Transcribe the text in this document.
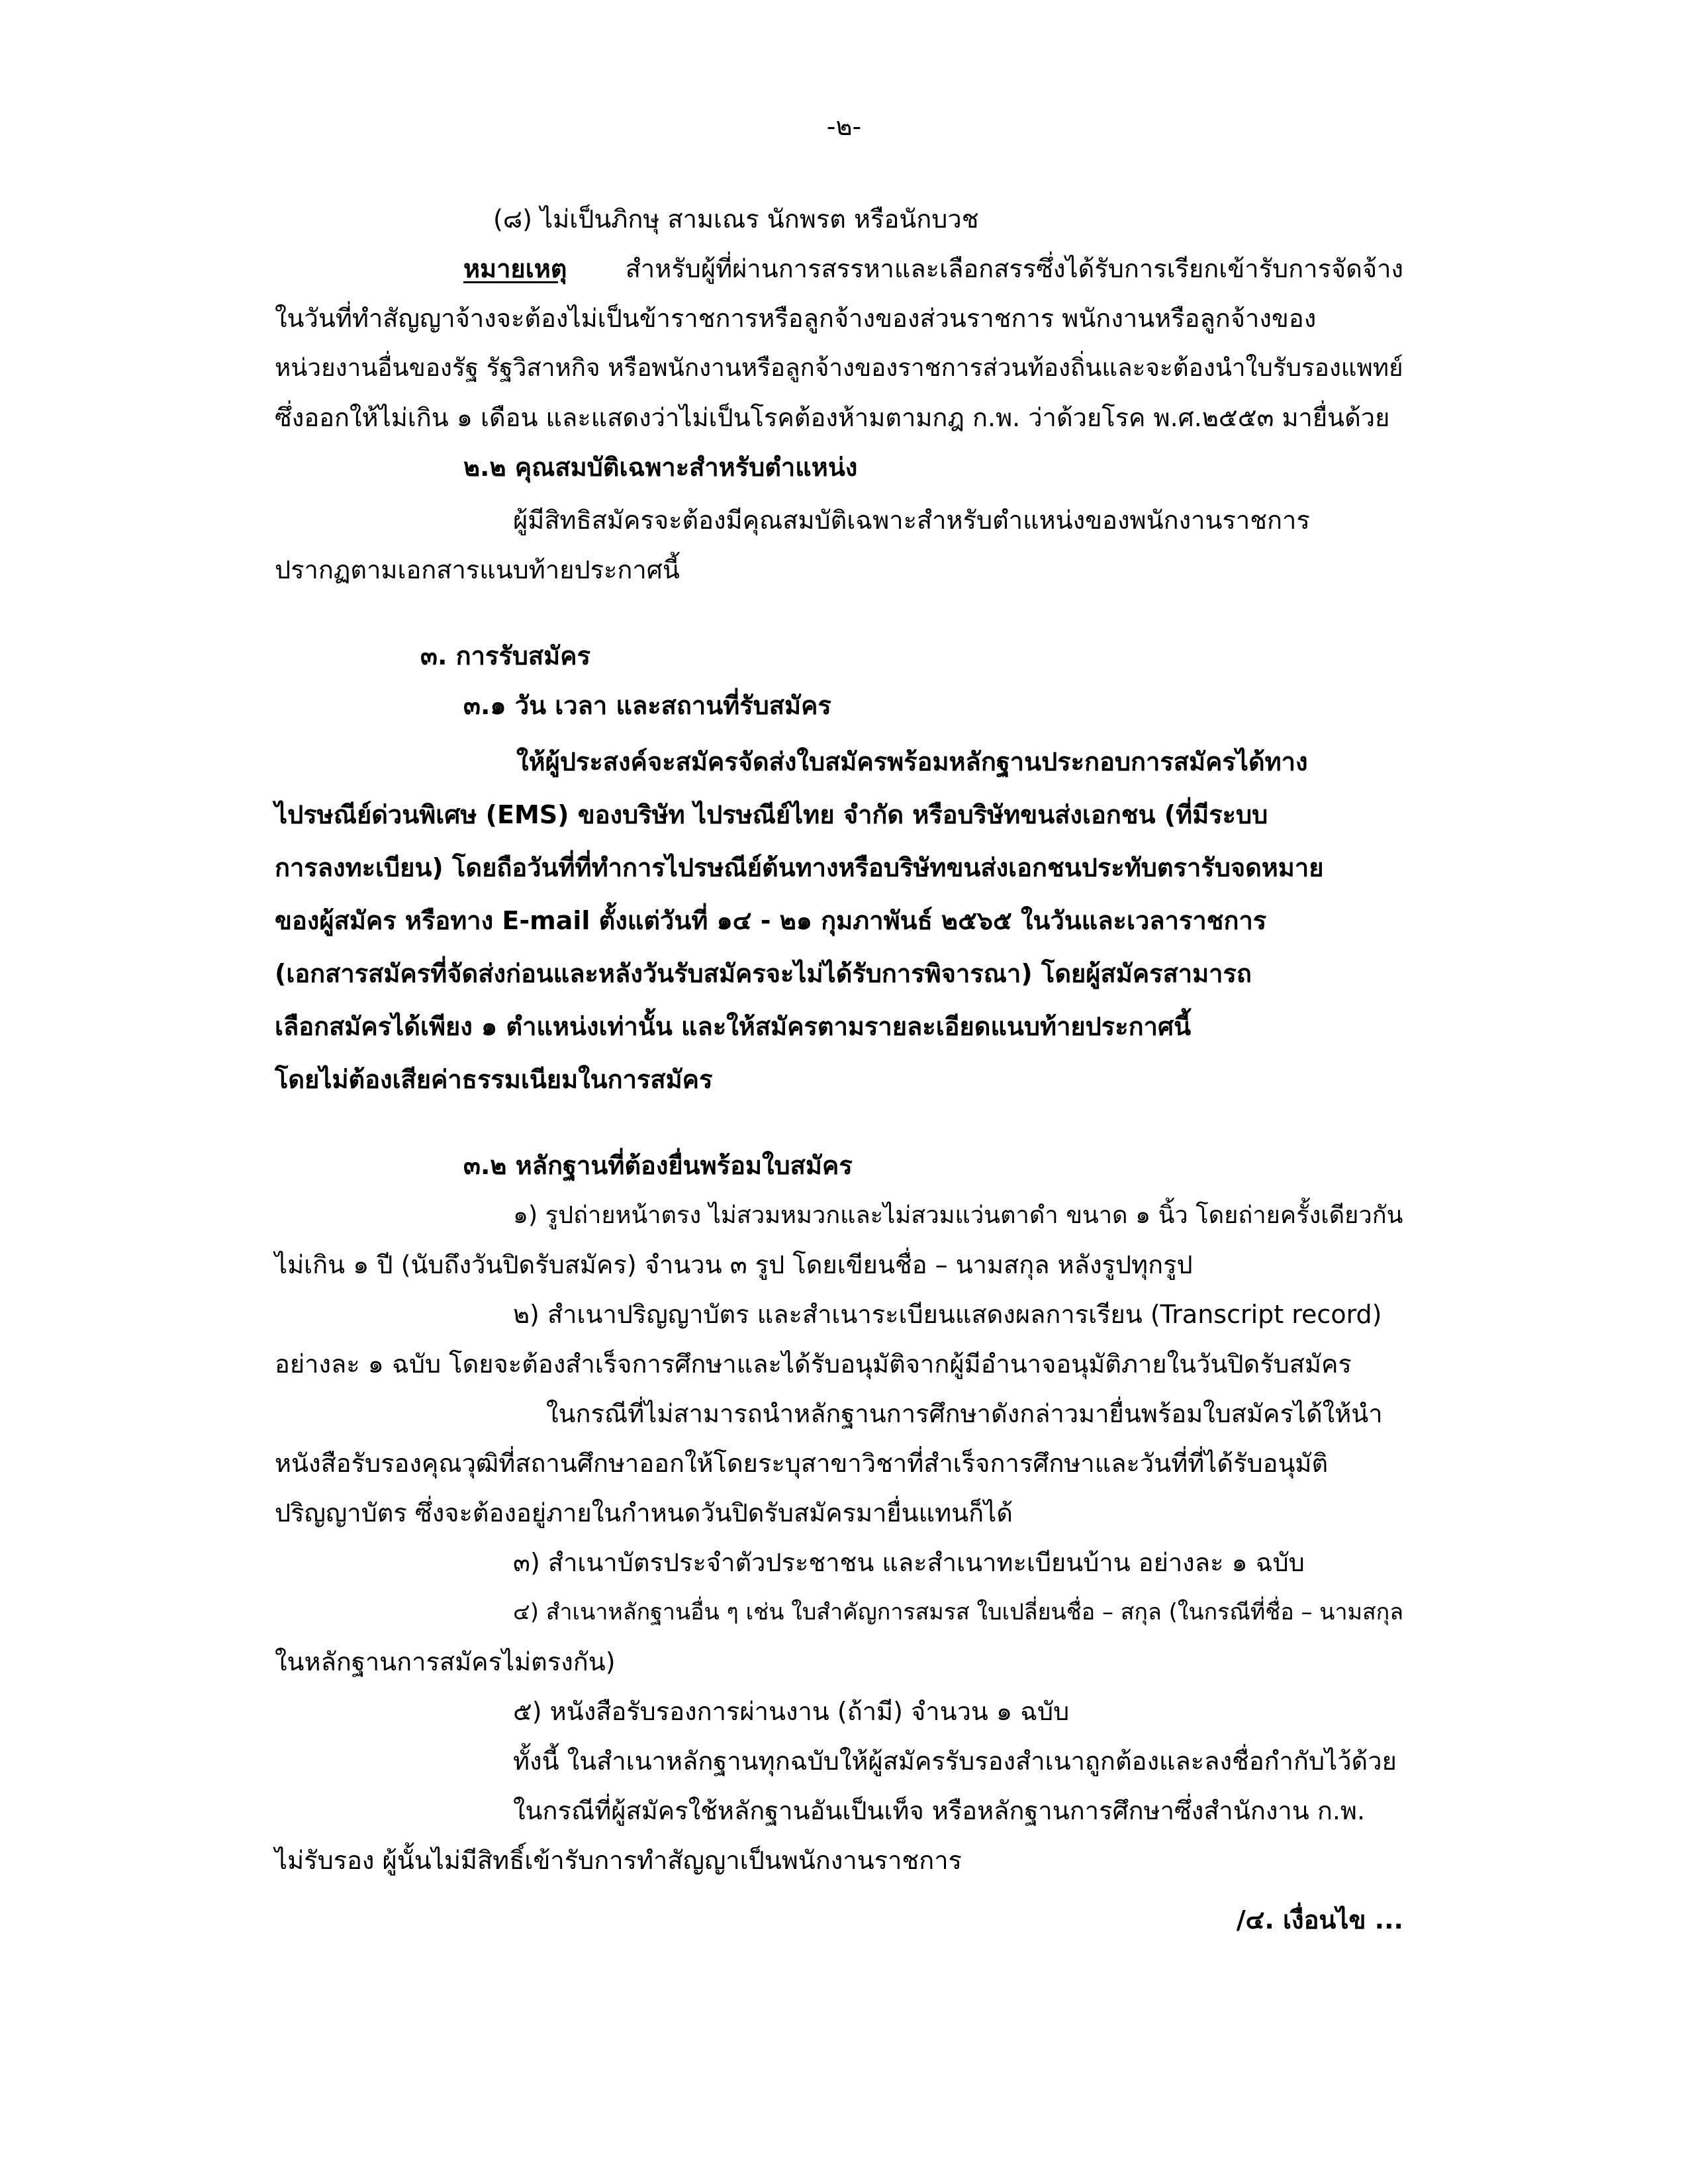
-๒-
(๘) ไม่เป็นภิกษุ สามเณร นักพรต หรือนักบวช
หมายเหตุ สำหรับผู้ที่ผ่านการสรรหาและเลือกสรรซึ่งได้รับการเรียกเข้ารับการจัดจ้าง
ในวันที่ทำสัญญาจ้างจะต้องไม่เป็นข้าราชการหรือลูกจ้างของส่วนราชการ พนักงานหรือลูกจ้างของ
หน่วยงานอื่นของรัฐ รัฐวิสาหกิจ หรือพนักงานหรือลูกจ้างของราชการส่วนท้องถิ่นและจะต้องนำใบรับรองแพทย์
ซึ่งออกให้ไม่เกิน ๑ เดือน และแสดงว่าไม่เป็นโรคต้องห้ามตามกฎ ก.พ. ว่าด้วยโรค พ.ศ.๒๕๕๓ มายื่นด้วย
๒.๒ คุณสมบัติเฉพาะสำหรับตำแหน่ง
ผู้มีสิทธิสมัครจะต้องมีคุณสมบัติเฉพาะสำหรับตำแหน่งของพนักงานราชการ
ปรากฏตามเอกสารแนบท้ายประกาศนี้
๓. การรับสมัคร
๓.๑ วัน เวลา และสถานที่รับสมัคร
ให้ผู้ประสงค์จะสมัครจัดส่งใบสมัครพร้อมหลักฐานประกอบการสมัครได้ทาง
ไปรษณีย์ด่วนพิเศษ (EMS) ของบริษัท ไปรษณีย์ไทย จำกัด หรือบริษัทขนส่งเอกชน (ที่มีระบบ
การลงทะเบียน) โดยถือวันที่ที่ทำการไปรษณีย์ต้นทางหรือบริษัทขนส่งเอกชนประทับตรารับจดหมาย
ของผู้สมัคร หรือทาง E-mail ตั้งแต่วันที่ ๑๔ - ๒๑ กุมภาพันธ์ ๒๕๖๕ ในวันและเวลาราชการ
(เอกสารสมัครที่จัดส่งก่อนและหลังวันรับสมัครจะไม่ได้รับการพิจารณา) โดยผู้สมัครสามารถ
เลือกสมัครได้เพียง ๑ ตำแหน่งเท่านั้น และให้สมัครตามรายละเอียดแนบท้ายประกาศนี้
โดยไม่ต้องเสียค่าธรรมเนียมในการสมัคร
๓.๒ หลักฐานที่ต้องยื่นพร้อมใบสมัคร
๑) รูปถ่ายหน้าตรง ไม่สวมหมวกและไม่สวมแว่นตาดำ ขนาด ๑ นิ้ว โดยถ่ายครั้งเดียวกัน
ไม่เกิน ๑ ปี (นับถึงวันปิดรับสมัคร) จำนวน ๓ รูป โดยเขียนชื่อ – นามสกุล หลังรูปทุกรูป
๒) สำเนาปริญญาบัตร และสำเนาระเบียนแสดงผลการเรียน (Transcript record)
อย่างละ ๑ ฉบับ โดยจะต้องสำเร็จการศึกษาและได้รับอนุมัติจากผู้มีอำนาจอนุมัติภายในวันปิดรับสมัคร
ในกรณีที่ไม่สามารถนำหลักฐานการศึกษาดังกล่าวมายื่นพร้อมใบสมัครได้ให้นำ
หนังสือรับรองคุณวุฒิที่สถานศึกษาออกให้โดยระบุสาขาวิชาที่สำเร็จการศึกษาและวันที่ที่ได้รับอนุมัติ
ปริญญาบัตร ซึ่งจะต้องอยู่ภายในกำหนดวันปิดรับสมัครมายื่นแทนก็ได้
๓) สำเนาบัตรประจำตัวประชาชน และสำเนาทะเบียนบ้าน อย่างละ ๑ ฉบับ
๔) สำเนาหลักฐานอื่น ๆ เช่น ใบสำคัญการสมรส ใบเปลี่ยนชื่อ – สกุล (ในกรณีที่ชื่อ – นามสกุล
ในหลักฐานการสมัครไม่ตรงกัน)
๕) หนังสือรับรองการผ่านงาน (ถ้ามี) จำนวน ๑ ฉบับ
ทั้งนี้ ในสำเนาหลักฐานทุกฉบับให้ผู้สมัครรับรองสำเนาถูกต้องและลงชื่อกำกับไว้ด้วย
ในกรณีที่ผู้สมัครใช้หลักฐานอันเป็นเท็จ หรือหลักฐานการศึกษาซึ่งสำนักงาน ก.พ.
ไม่รับรอง ผู้นั้นไม่มีสิทธิ์เข้ารับการทำสัญญาเป็นพนักงานราชการ
/๔. เงื่อนไข ...
